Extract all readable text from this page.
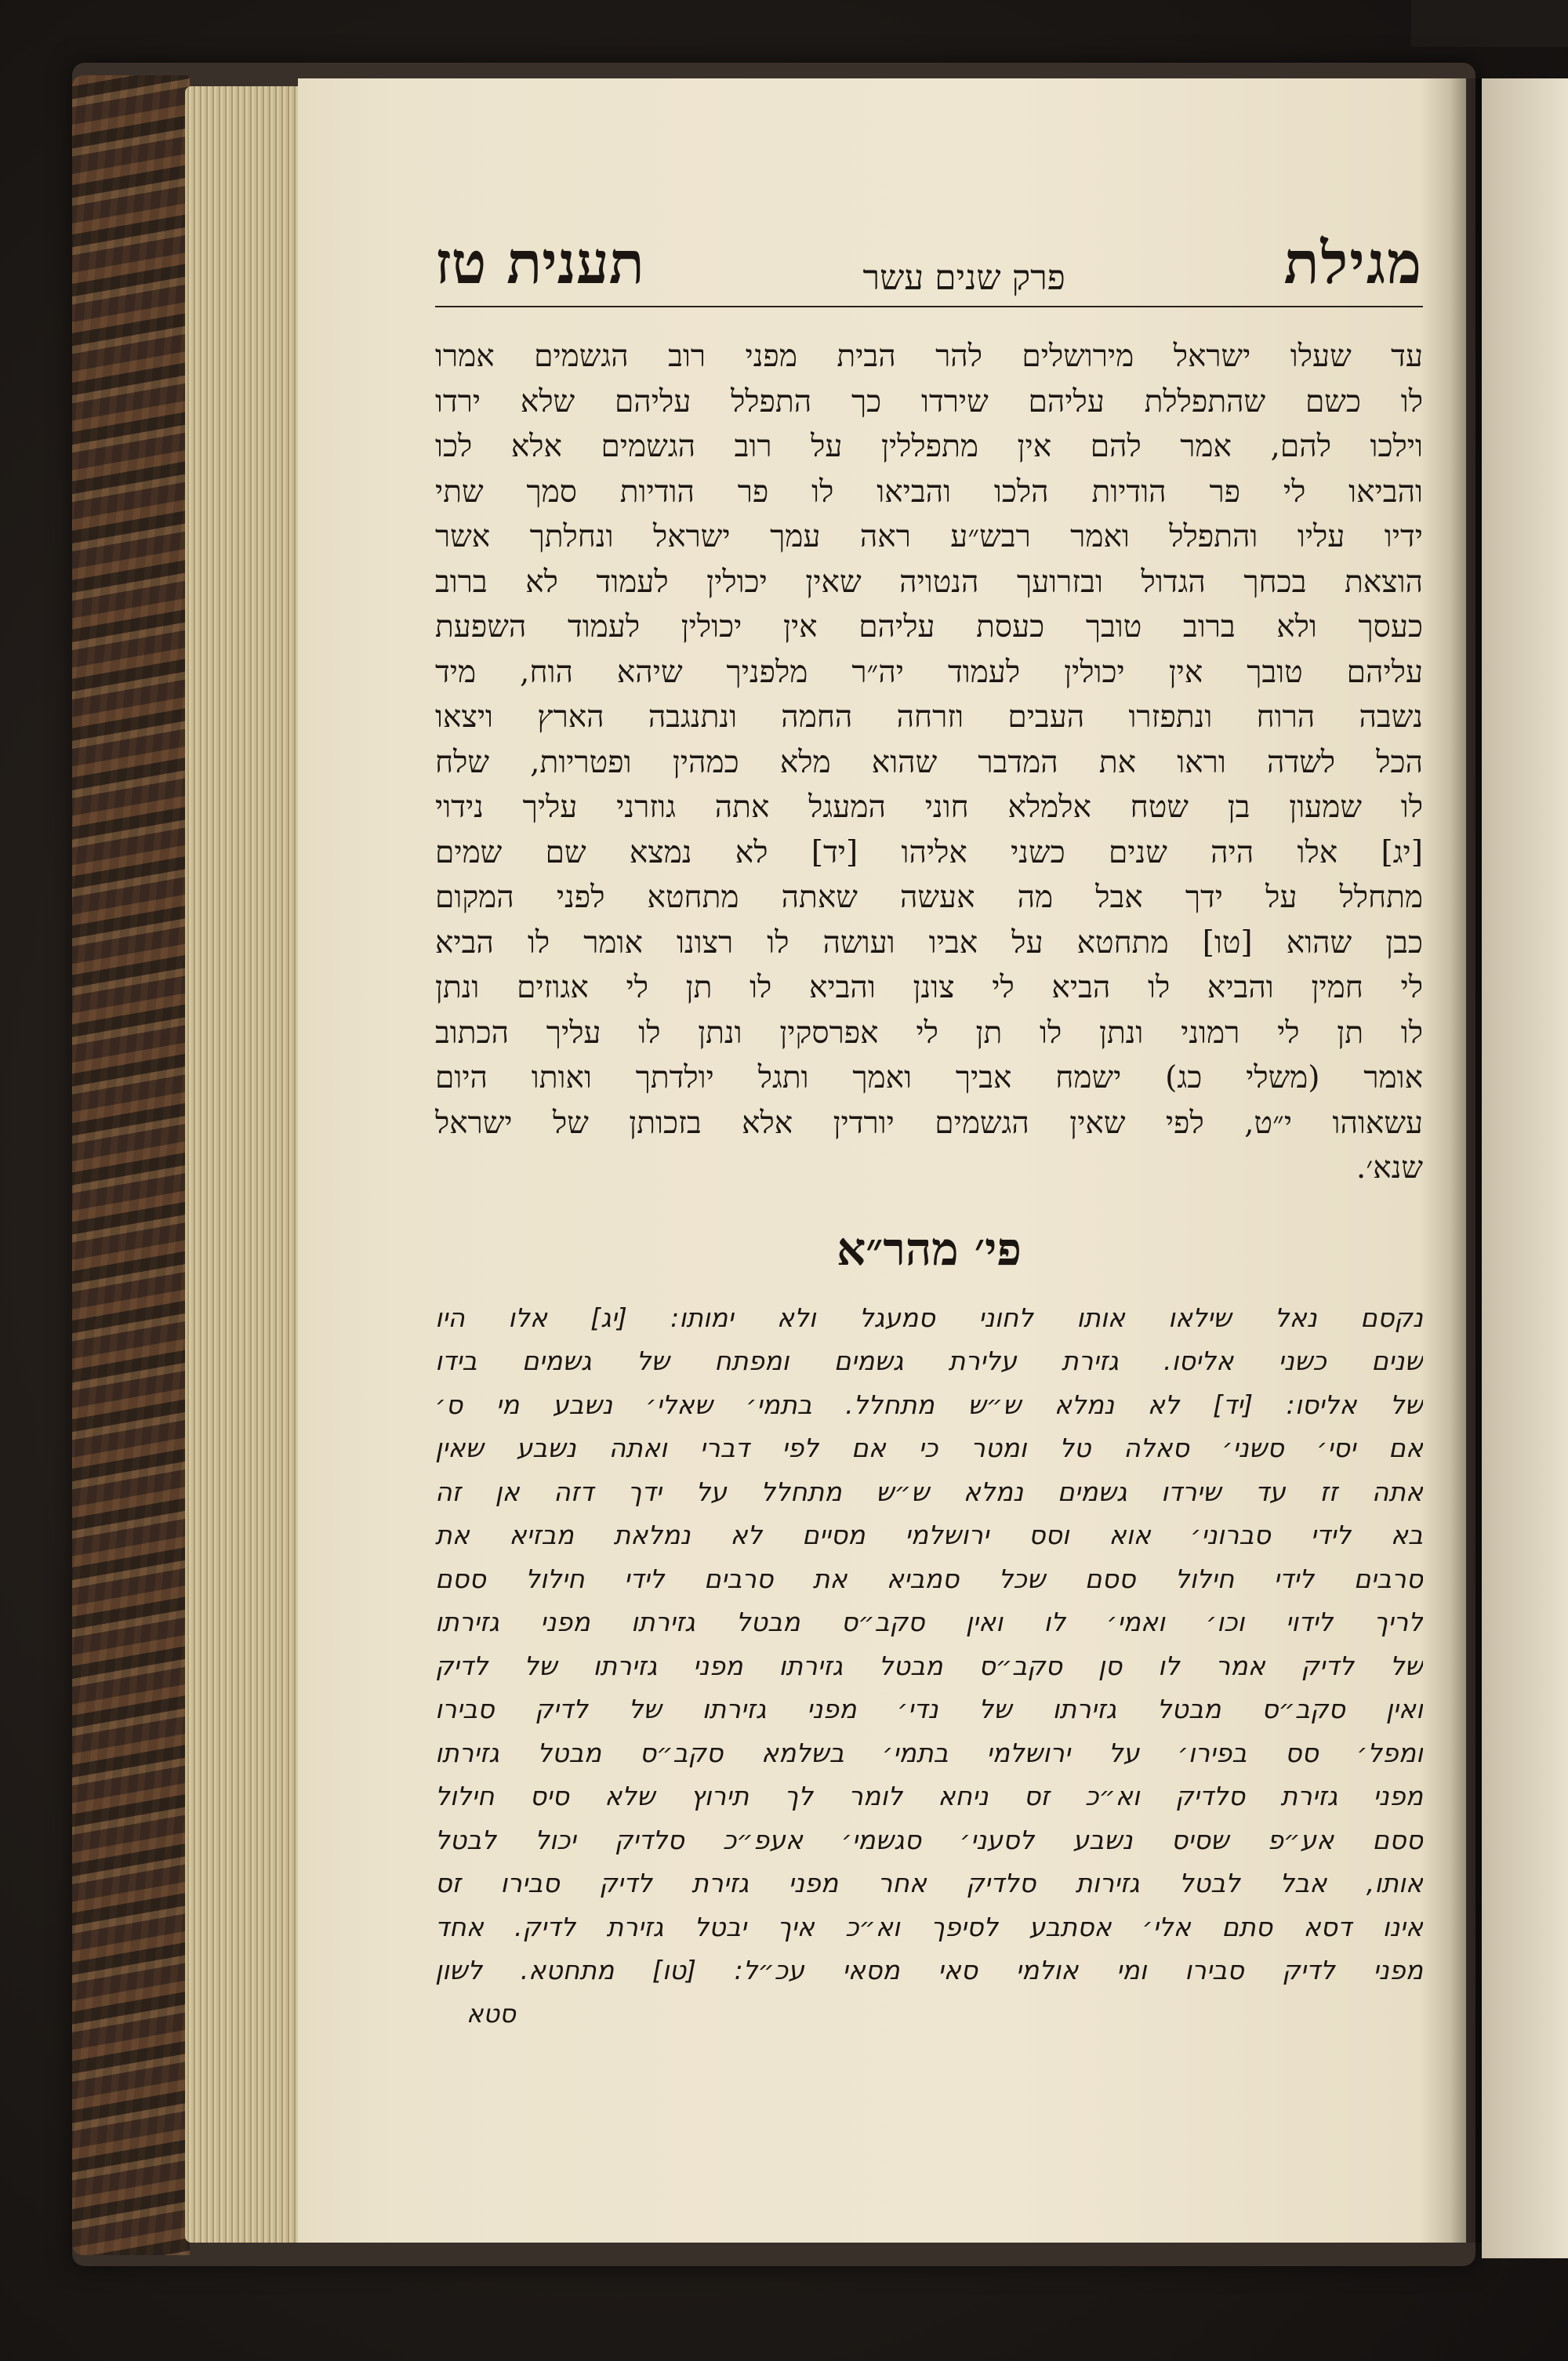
מגילת
פרק שנים עשר
תענית טז
עד שעלו ישראל מירושלים להר הבית מפני רוב הגשמים אמרו
לו כשם שהתפללת עליהם שירדו כך התפלל עליהם שלא ירדו
וילכו להם, אמר להם אין מתפללין על רוב הגשמים אלא לכו
והביאו לי פר הודיות הלכו והביאו לו פר הודיות סמך שתי
ידיו עליו והתפלל ואמר רבש״ע ראה עמך ישראל ונחלתך אשר
הוצאת בכחך הגדול ובזרועך הנטויה שאין יכולין לעמוד לא ברוב
כעסך ולא ברוב טובך כעסת עליהם אין יכולין לעמוד השפעת
עליהם טובך אין יכולין לעמוד יה״ר מלפניך שיהא הוח, מיד
נשבה הרוח ונתפזרו העבים וזרחה החמה ונתנגבה הארץ ויצאו
הכל לשדה וראו את המדבר שהוא מלא כמהין ופטריות, שלח
לו שמעון בן שטח אלמלא חוני המעגל אתה גוזרני עליך נידוי
[יג] אלו היה שנים כשני אליהו [יד] לא נמצא שם שמים
מתחלל על ידך אבל מה אעשה שאתה מתחטא לפני המקום
כבן שהוא [טו] מתחטא על אביו ועושה לו רצונו אומר לו הביא
לי חמין והביא לו הביא לי צונן והביא לו תן לי אגוזים ונתן
לו תן לי רמוני ונתן לו תן לי אפרסקין ונתן לו עליך הכתוב
אומר (משלי כג) ישמח אביך ואמך ותגל יולדתך ואותו היום
עשאוהו י״ט, לפי שאין הגשמים יורדין אלא בזכותן של ישראל
שנא׳.
פי׳ מהר״א
נקסם נאל שילאו אותו לחוני סמעגל ולא ימותו: [יג] אלו היו
שנים כשני אליסו. גזירת עלירת גשמים ומפתח של גשמים בידו
של אליסו: [יד] לא נמלא ש״ש מתחלל. בתמי׳ שאלי׳ נשבע מי ס׳
אם יסי׳ סשני׳ סאלה טל ומטר כי אם לפי דברי ואתה נשבע שאין
אתה זז עד שירדו גשמים נמלא ש״ש מתחלל על ידך דזה אן זה
בא לידי סברוני׳ אוא וסס ירושלמי מסיים לא נמלאת מבזיא את
סרבים לידי חילול ססם שכל סמביא את סרבים לידי חילול ססם
לריך לידוי וכו׳ ואמי׳ לו ואין סקב״ס מבטל גזירתו מפני גזירתו
של לדיק אמר לו סן סקב״ס מבטל גזירתו מפני גזירתו של לדיק
ואין סקב״ס מבטל גזירתו של נדי׳ מפני גזירתו של לדיק סבירו
ומפל׳ סס בפירו׳ על ירושלמי בתמי׳ בשלמא סקב״ס מבטל גזירתו
מפני גזירת סלדיק וא״כ זס ניחא לומר לך תירוץ שלא סיס חילול
ססם אע״פ שסיס נשבע לסעני׳ סגשמי׳ אעפ״כ סלדיק יכול לבטל
אותו, אבל לבטל גזירות סלדיק אחר מפני גזירת לדיק סבירו זס
אינו דסא סתם אלי׳ אסתבע לסיפך וא״כ איך יבטל גזירת לדיק. אחד
מפני לדיק סבירו ומי אולמי סאי מסאי עכ״ל: [טו] מתחטא. לשון
סטא
